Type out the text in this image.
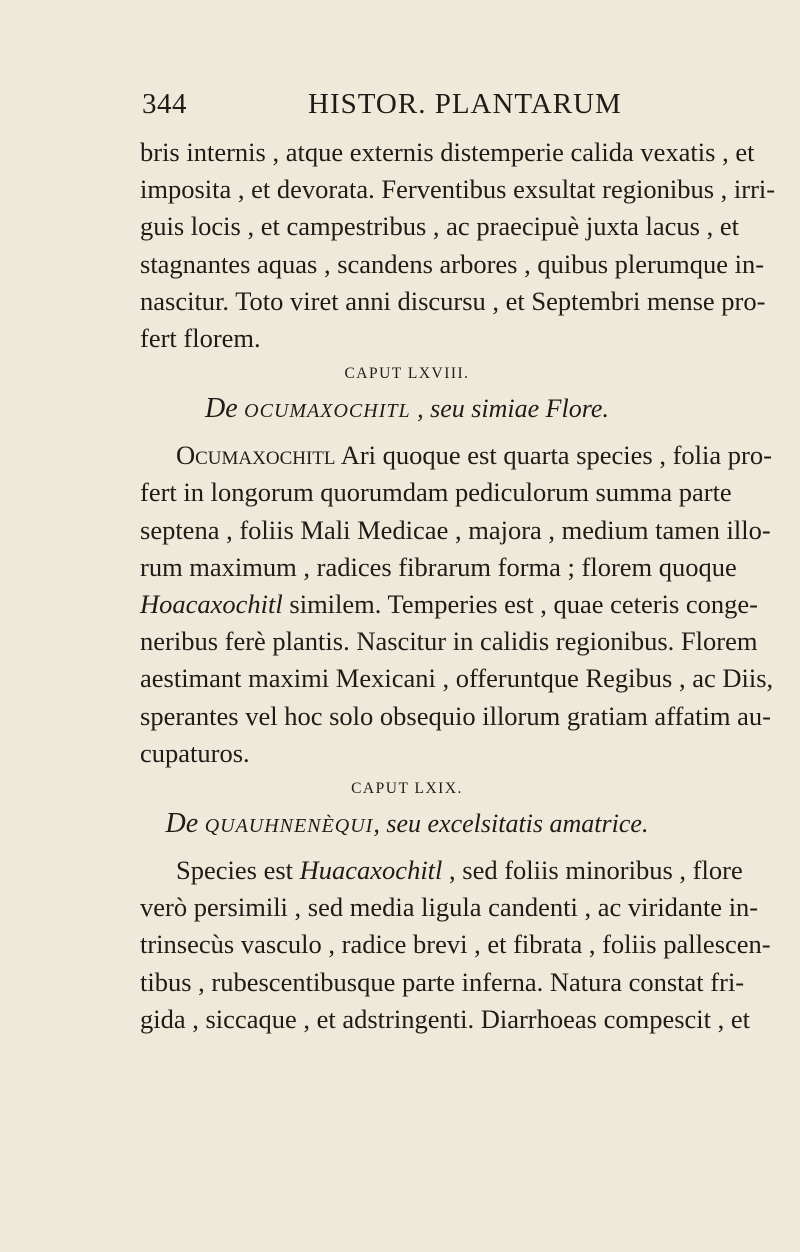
344	HISTOR. PLANTARUM
bris internis , atque externis distemperie calida vexatis , et
imposita , et devorata. Ferventibus exsultat regionibus , irri-
guis locis , et campestribus , ac praecipuè juxta lacus , et
stagnantes aquas , scandens arbores , quibus plerumque in-
nascitur. Toto viret anni discursu , et Septembri mense pro-
fert florem.
CAPUT LXVIII.
De OCUMAXOCHITL , seu simiae Flore.
Ocumaxochitl Ari quoque est quarta species , folia pro-
fert in longorum quorumdam pediculorum summa parte
septena , foliis Mali Medicae , majora , medium tamen illo-
rum maximum , radices fibrarum forma ; florem quoque
Hoacaxochitl similem. Temperies est , quae ceteris conge-
neribus ferè plantis. Nascitur in calidis regionibus. Florem
aestimant maximi Mexicani , offeruntque Regibus , ac Diis,
sperantes vel hoc solo obsequio illorum gratiam affatim au-
cupaturos.
CAPUT LXIX.
De QUAUHNENÈQUI, seu excelsitatis amatrice.
Species est Huacaxochitl , sed foliis minoribus , flore
verò persimili , sed media ligula candenti , ac viridante in-
trinsecùs vasculo , radice brevi , et fibrata , foliis pallescen-
tibus , rubescentibusque parte inferna. Natura constat fri-
gida , siccaque , et adstringenti. Diarrhoeas compescit , et
